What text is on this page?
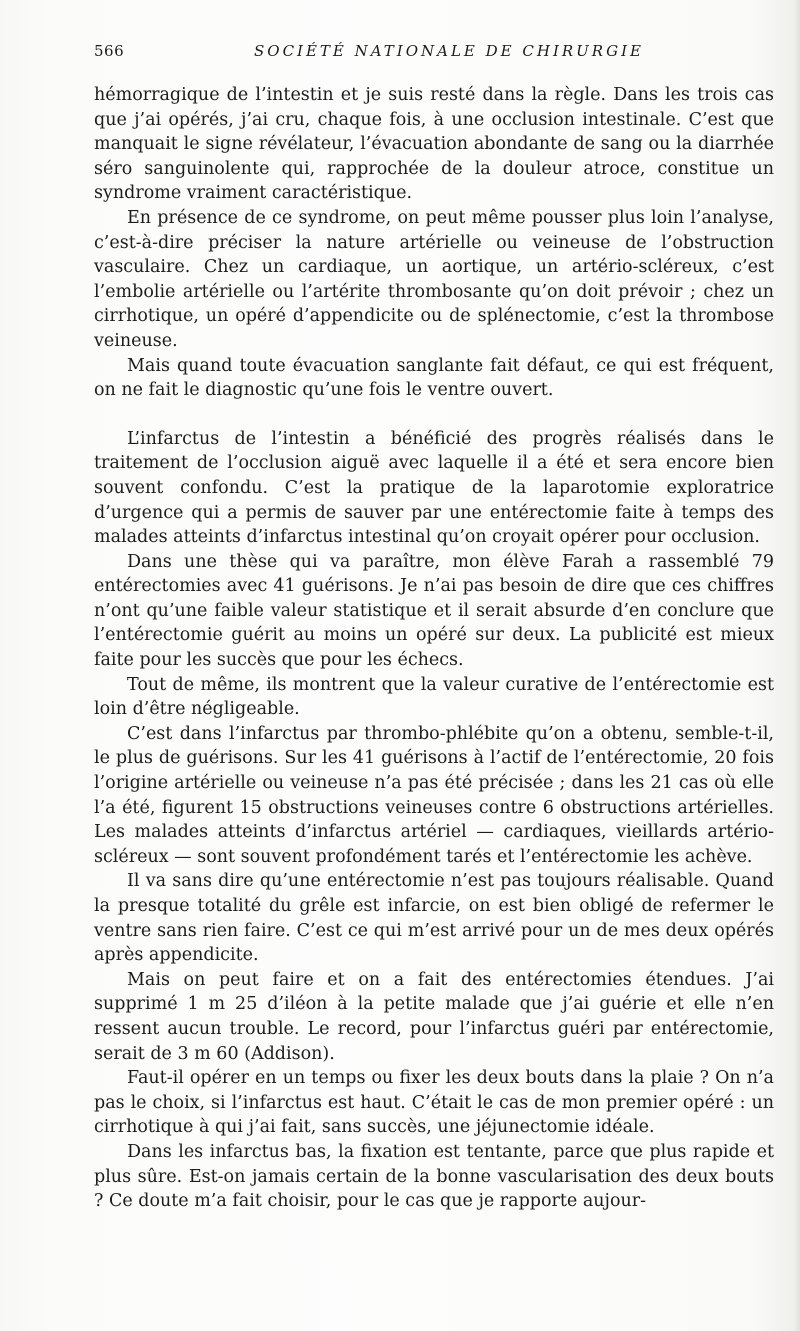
566	SOCIÉTÉ NATIONALE DE CHIRURGIE

hémorragique de l’intestin et je suis resté dans la règle. Dans les trois cas que j’ai opérés, j’ai cru, chaque fois, à une occlusion intestinale. C’est que manquait le signe révélateur, l’évacuation abondante de sang ou la diarrhée séro sanguinolente qui, rapprochée de la douleur atroce, constitue un syndrome vraiment caractéristique.

En présence de ce syndrome, on peut même pousser plus loin l’analyse, c’est-à-dire préciser la nature artérielle ou veineuse de l’obstruction vasculaire. Chez un cardiaque, un aortique, un artério-scléreux, c’est l’embolie artérielle ou l’artérite thrombosante qu’on doit prévoir ; chez un cirrhotique, un opéré d’appendicite ou de splénectomie, c’est la thrombose veineuse.

Mais quand toute évacuation sanglante fait défaut, ce qui est fréquent, on ne fait le diagnostic qu’une fois le ventre ouvert.

L’infarctus de l’intestin a bénéficié des progrès réalisés dans le traitement de l’occlusion aiguë avec laquelle il a été et sera encore bien souvent confondu. C’est la pratique de la laparotomie exploratrice d’urgence qui a permis de sauver par une entérectomie faite à temps des malades atteints d’infarctus intestinal qu’on croyait opérer pour occlusion.

Dans une thèse qui va paraître, mon élève Farah a rassemblé 79 entérectomies avec 41 guérisons. Je n’ai pas besoin de dire que ces chiffres n’ont qu’une faible valeur statistique et il serait absurde d’en conclure que l’entérectomie guérit au moins un opéré sur deux. La publicité est mieux faite pour les succès que pour les échecs.

Tout de même, ils montrent que la valeur curative de l’entérectomie est loin d’être négligeable.

C’est dans l’infarctus par thrombo-phlébite qu’on a obtenu, semble-t-il, le plus de guérisons. Sur les 41 guérisons à l’actif de l’entérectomie, 20 fois l’origine artérielle ou veineuse n’a pas été précisée ; dans les 21 cas où elle l’a été, figurent 15 obstructions veineuses contre 6 obstructions artérielles. Les malades atteints d’infarctus artériel — cardiaques, vieillards artério-scléreux — sont souvent profondément tarés et l’entérectomie les achève.

Il va sans dire qu’une entérectomie n’est pas toujours réalisable. Quand la presque totalité du grêle est infarcie, on est bien obligé de refermer le ventre sans rien faire. C’est ce qui m’est arrivé pour un de mes deux opérés après appendicite.

Mais on peut faire et on a fait des entérectomies étendues. J’ai supprimé 1 m 25 d’iléon à la petite malade que j’ai guérie et elle n’en ressent aucun trouble. Le record, pour l’infarctus guéri par entérectomie, serait de 3 m 60 (Addison).

Faut-il opérer en un temps ou fixer les deux bouts dans la plaie ? On n’a pas le choix, si l’infarctus est haut. C’était le cas de mon premier opéré : un cirrhotique à qui j’ai fait, sans succès, une jéjunectomie idéale.

Dans les infarctus bas, la fixation est tentante, parce que plus rapide et plus sûre. Est-on jamais certain de la bonne vascularisation des deux bouts ? Ce doute m’a fait choisir, pour le cas que je rapporte aujour-
